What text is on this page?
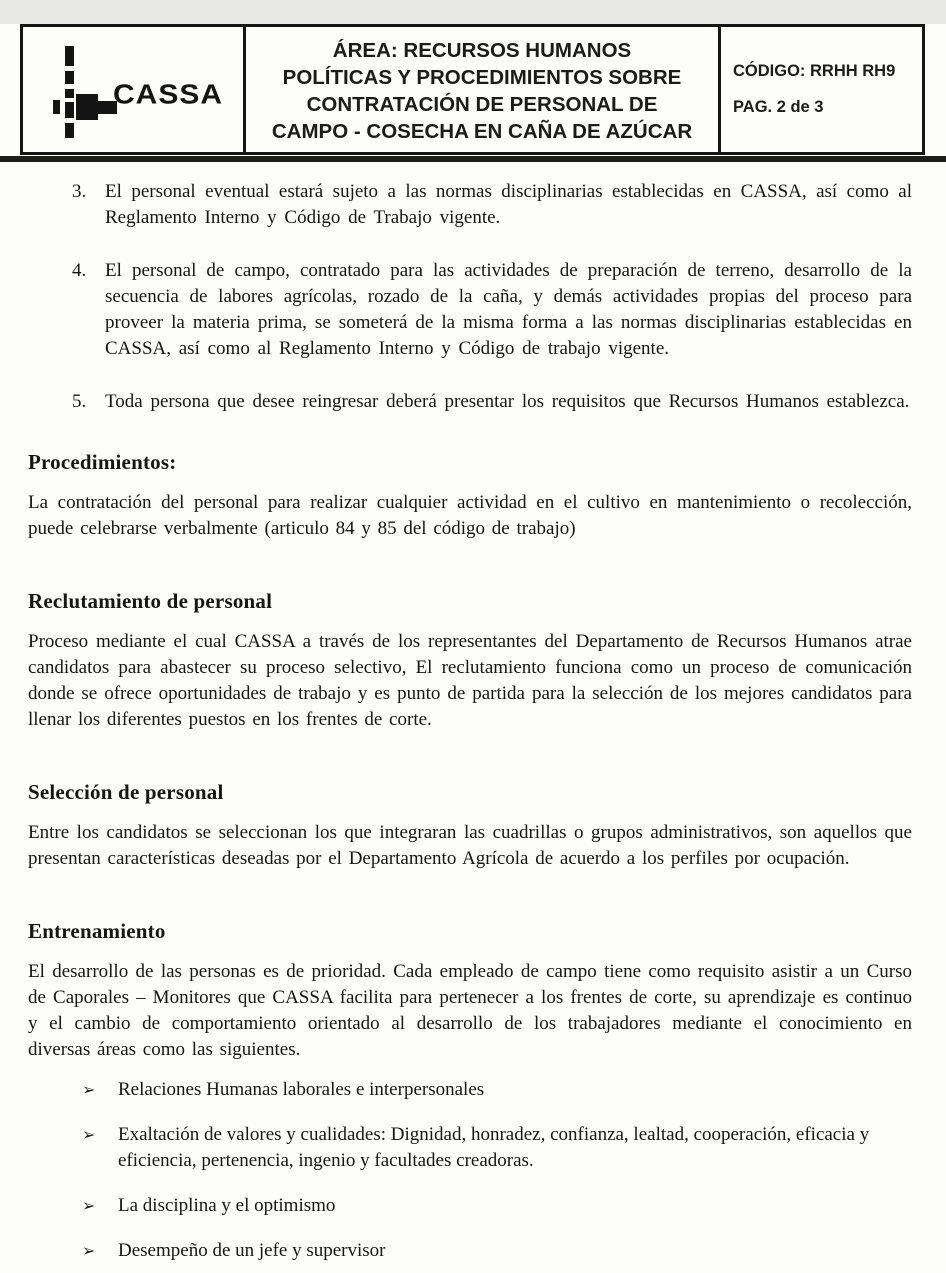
CASSA
ÁREA: RECURSOS HUMANOS
POLÍTICAS Y PROCEDIMIENTOS SOBRE
CONTRATACIÓN DE PERSONAL DE
CAMPO - COSECHA EN CAÑA DE AZÚCAR
CÓDIGO: RRHH RH9
PAG. 2 de 3
3. El personal eventual estará sujeto a las normas disciplinarias establecidas en CASSA, así como al Reglamento Interno y Código de Trabajo vigente.
4. El personal de campo, contratado para las actividades de preparación de terreno, desarrollo de la secuencia de labores agrícolas, rozado de la caña, y demás actividades propias del proceso para proveer la materia prima, se someterá de la misma forma a las normas disciplinarias establecidas en CASSA, así como al Reglamento Interno y Código de trabajo vigente.
5. Toda persona que desee reingresar deberá presentar los requisitos que Recursos Humanos establezca.
Procedimientos:
La contratación del personal para realizar cualquier actividad en el cultivo en mantenimiento o recolección, puede celebrarse verbalmente (articulo 84 y 85 del código de trabajo)
Reclutamiento de personal
Proceso mediante el cual CASSA a través de los representantes del Departamento de Recursos Humanos atrae candidatos para abastecer su proceso selectivo, El reclutamiento funciona como un proceso de comunicación donde se ofrece oportunidades de trabajo y es punto de partida para la selección de los mejores candidatos para llenar los diferentes puestos en los frentes de corte.
Selección de personal
Entre los candidatos se seleccionan los que integraran las cuadrillas o grupos administrativos, son aquellos que presentan características deseadas por el Departamento Agrícola de acuerdo a los perfiles por ocupación.
Entrenamiento
El desarrollo de las personas es de prioridad. Cada empleado de campo tiene como requisito asistir a un Curso de Caporales – Monitores que CASSA facilita para pertenecer a los frentes de corte, su aprendizaje es continuo y el cambio de comportamiento orientado al desarrollo de los trabajadores mediante el conocimiento en diversas áreas como las siguientes.
➢	Relaciones Humanas laborales e interpersonales
➢	Exaltación de valores y cualidades: Dignidad, honradez, confianza, lealtad, cooperación, eficacia y eficiencia, pertenencia, ingenio y facultades creadoras.
➢	La disciplina y el optimismo
➢	Desempeño de un jefe y supervisor
